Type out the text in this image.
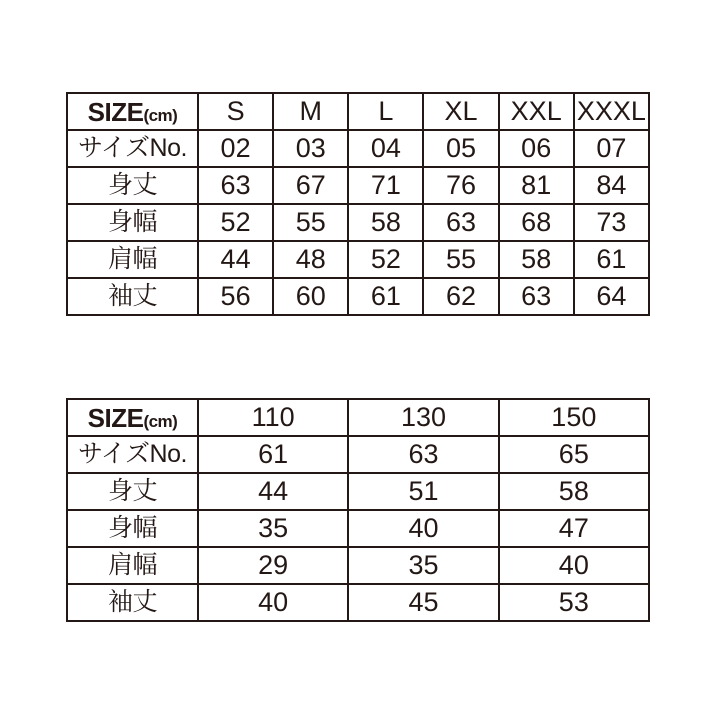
SIZE(cm)	S	M	L	XL	XXL	XXXL
サイズNo.	02	03	04	05	06	07
身丈	63	67	71	76	81	84
身幅	52	55	58	63	68	73
肩幅	44	48	52	55	58	61
袖丈	56	60	61	62	63	64
SIZE(cm)	110	130	150
サイズNo.	61	63	65
身丈	44	51	58
身幅	35	40	47
肩幅	29	35	40
袖丈	40	45	53
